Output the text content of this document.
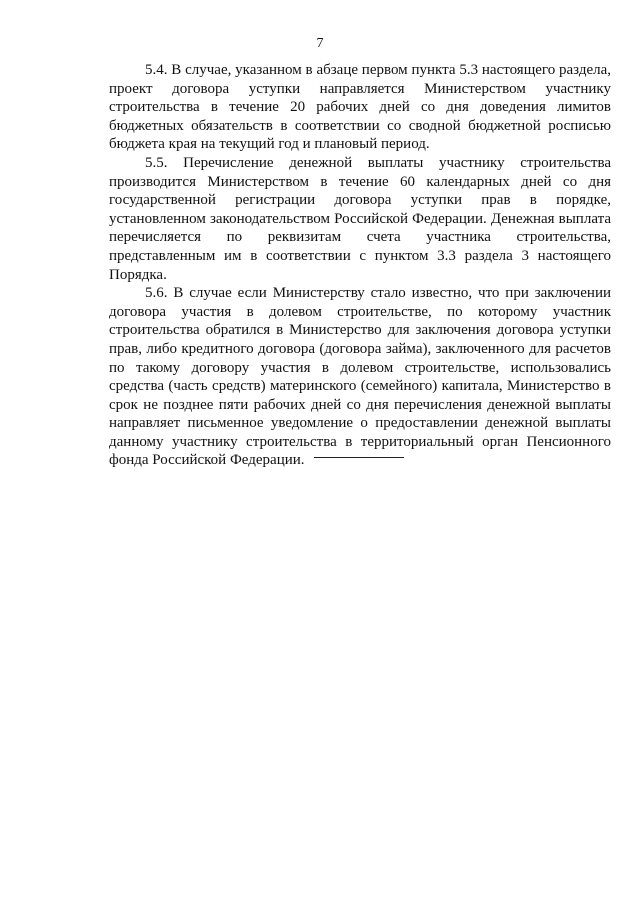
7

5.4. В случае, указанном в абзаце первом пункта 5.3 настоящего раздела, проект договора уступки направляется Министерством участнику строительства в течение 20 рабочих дней со дня доведения лимитов бюджетных обязательств в соответствии со сводной бюджетной росписью бюджета края на текущий год и плановый период.

5.5. Перечисление денежной выплаты участнику строительства производится Министерством в течение 60 календарных дней со дня государственной регистрации договора уступки прав в порядке, установленном законодательством Российской Федерации. Денежная выплата перечисляется по реквизитам счета участника строительства, представленным им в соответствии с пунктом 3.3 раздела 3 настоящего Порядка.

5.6. В случае если Министерству стало известно, что при заключении договора участия в долевом строительстве, по которому участник строительства обратился в Министерство для заключения договора уступки прав, либо кредитного договора (договора займа), заключенного для расчетов по такому договору участия в долевом строительстве, использовались средства (часть средств) материнского (семейного) капитала, Министерство в срок не позднее пяти рабочих дней со дня перечисления денежной выплаты направляет письменное уведомление о предоставлении денежной выплаты данному участнику строительства в территориальный орган Пенсионного фонда Российской Федерации.
